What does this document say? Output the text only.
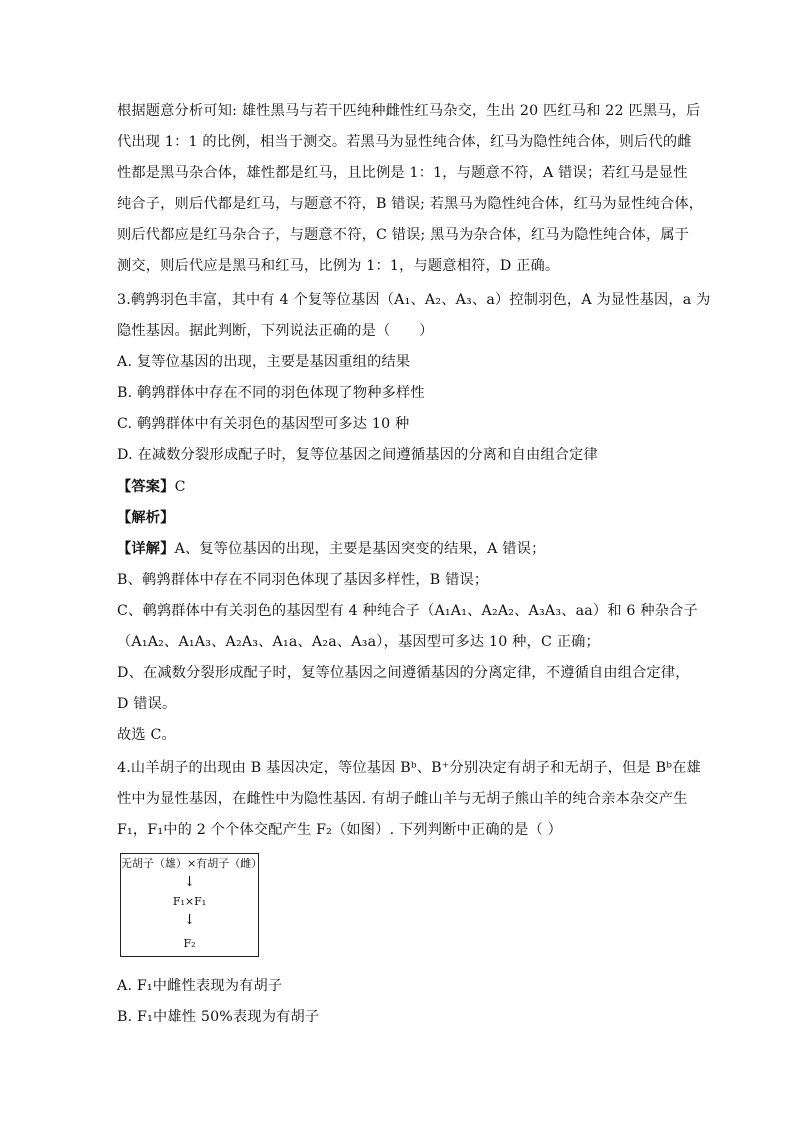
根据题意分析可知: 雄性黑马与若干匹纯种雌性红马杂交，生出 20 匹红马和 22 匹黑马，后
代出现 1：1 的比例，相当于测交。若黑马为显性纯合体，红马为隐性纯合体，则后代的雌
性都是黑马杂合体，雄性都是红马，且比例是 1：1，与题意不符，A 错误；若红马是显性
纯合子，则后代都是红马，与题意不符，B 错误; 若黑马为隐性纯合体，红马为显性纯合体，
则后代都应是红马杂合子，与题意不符，C 错误; 黑马为杂合体，红马为隐性纯合体，属于
测交，则后代应是黑马和红马，比例为 1：1，与题意相符，D 正确。
3.鹌鹑羽色丰富，其中有 4 个复等位基因（A₁、A₂、A₃、a）控制羽色，A 为显性基因，a 为
隐性基因。据此判断，下列说法正确的是（　　）
A. 复等位基因的出现，主要是基因重组的结果
B. 鹌鹑群体中存在不同的羽色体现了物种多样性
C. 鹌鹑群体中有关羽色的基因型可多达 10 种
D. 在减数分裂形成配子时，复等位基因之间遵循基因的分离和自由组合定律
【答案】C
【解析】
【详解】A、复等位基因的出现，主要是基因突变的结果，A 错误；
B、鹌鹑群体中存在不同羽色体现了基因多样性，B 错误；
C、鹌鹑群体中有关羽色的基因型有 4 种纯合子（A₁A₁、A₂A₂、A₃A₃、aa）和 6 种杂合子
（A₁A₂、A₁A₃、A₂A₃、A₁a、A₂a、A₃a），基因型可多达 10 种，C 正确；
D、在减数分裂形成配子时，复等位基因之间遵循基因的分离定律，不遵循自由组合定律，
D 错误。
故选 C。
4.山羊胡子的出现由 B 基因决定，等位基因 Bᵇ、B⁺分别决定有胡子和无胡子，但是 Bᵇ在雄
性中为显性基因，在雌性中为隐性基因. 有胡子雌山羊与无胡子熊山羊的纯合亲本杂交产生
F₁，F₁中的 2 个个体交配产生 F₂（如图）. 下列判断中正确的是（ ）
无胡子（雄）×有胡子（雌）
↓
F₁×F₁
↓
F₂
A. F₁中雌性表现为有胡子
B. F₁中雄性 50%表现为有胡子
